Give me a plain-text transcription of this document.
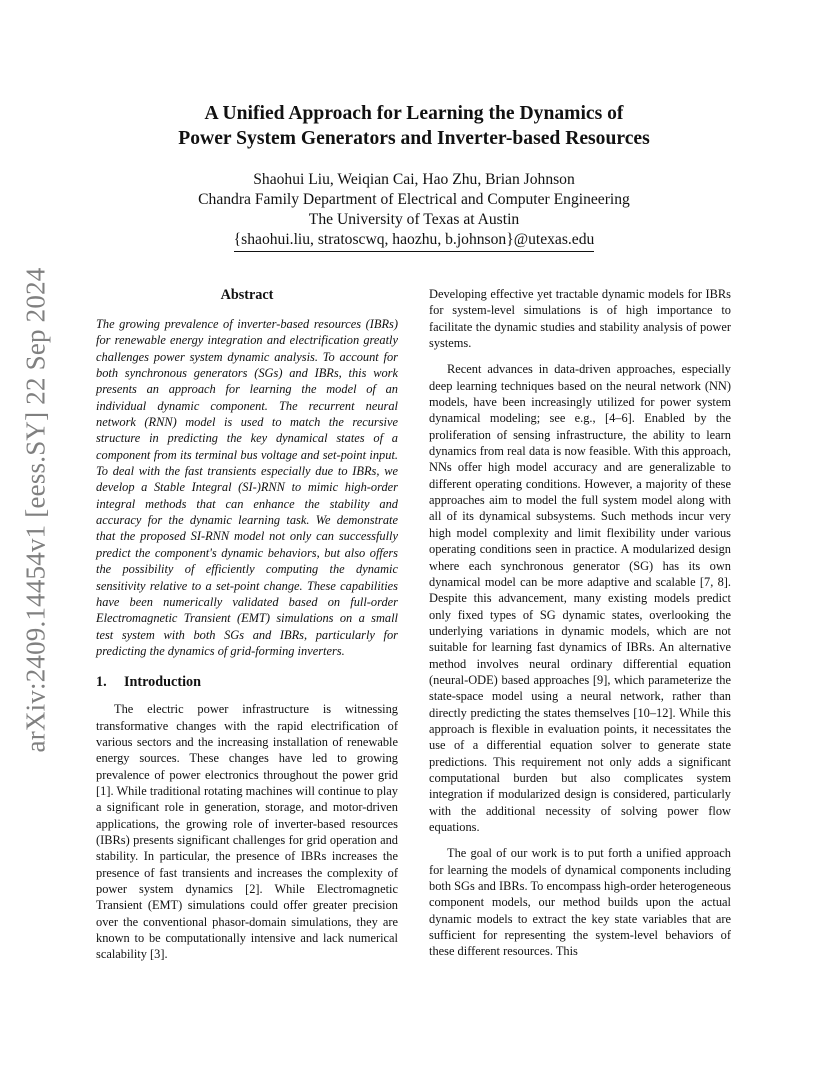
arXiv:2409.14454v1 [eess.SY] 22 Sep 2024
A Unified Approach for Learning the Dynamics of
Power System Generators and Inverter-based Resources
Shaohui Liu, Weiqian Cai, Hao Zhu, Brian Johnson
Chandra Family Department of Electrical and Computer Engineering
The University of Texas at Austin
{shaohui.liu, stratoscwq, haozhu, b.johnson}@utexas.edu
Abstract

The growing prevalence of inverter-based resources (IBRs) for renewable energy integration and electrification greatly challenges power system dynamic analysis. To account for both synchronous generators (SGs) and IBRs, this work presents an approach for learning the model of an individual dynamic component. The recurrent neural network (RNN) model is used to match the recursive structure in predicting the key dynamical states of a component from its terminal bus voltage and set-point input. To deal with the fast transients especially due to IBRs, we develop a Stable Integral (SI-)RNN to mimic high-order integral methods that can enhance the stability and accuracy for the dynamic learning task. We demonstrate that the proposed SI-RNN model not only can successfully predict the component's dynamic behaviors, but also offers the possibility of efficiently computing the dynamic sensitivity relative to a set-point change. These capabilities have been numerically validated based on full-order Electromagnetic Transient (EMT) simulations on a small test system with both SGs and IBRs, particularly for predicting the dynamics of grid-forming inverters.

1. Introduction

The electric power infrastructure is witnessing transformative changes with the rapid electrification of various sectors and the increasing installation of renewable energy sources. These changes have led to growing prevalence of power electronics throughout the power grid [1]. While traditional rotating machines will continue to play a significant role in generation, storage, and motor-driven applications, the growing role of inverter-based resources (IBRs) presents significant challenges for grid operation and stability. In particular, the presence of IBRs increases the presence of fast transients and increases the complexity of power system dynamics [2]. While Electromagnetic Transient (EMT) simulations could offer greater precision over the conventional phasor-domain simulations, they are known to be computationally intensive and lack numerical scalability [3].

Developing effective yet tractable dynamic models for IBRs for system-level simulations is of high importance to facilitate the dynamic studies and stability analysis of power systems.

Recent advances in data-driven approaches, especially deep learning techniques based on the neural network (NN) models, have been increasingly utilized for power system dynamical modeling; see e.g., [4–6]. Enabled by the proliferation of sensing infrastructure, the ability to learn dynamics from real data is now feasible. With this approach, NNs offer high model accuracy and are generalizable to different operating conditions. However, a majority of these approaches aim to model the full system model along with all of its dynamical subsystems. Such methods incur very high model complexity and limit flexibility under various operating conditions seen in practice. A modularized design where each synchronous generator (SG) has its own dynamical model can be more adaptive and scalable [7, 8]. Despite this advancement, many existing models predict only fixed types of SG dynamic states, overlooking the underlying variations in dynamic models, which are not suitable for learning fast dynamics of IBRs. An alternative method involves neural ordinary differential equation (neural-ODE) based approaches [9], which parameterize the state-space model using a neural network, rather than directly predicting the states themselves [10–12]. While this approach is flexible in evaluation points, it necessitates the use of a differential equation solver to generate state predictions. This requirement not only adds a significant computational burden but also complicates system integration if modularized design is considered, particularly with the additional necessity of solving power flow equations.

The goal of our work is to put forth a unified approach for learning the models of dynamical components including both SGs and IBRs. To encompass high-order heterogeneous component models, our method builds upon the actual dynamic models to extract the key state variables that are sufficient for representing the system-level behaviors of these different resources. This
